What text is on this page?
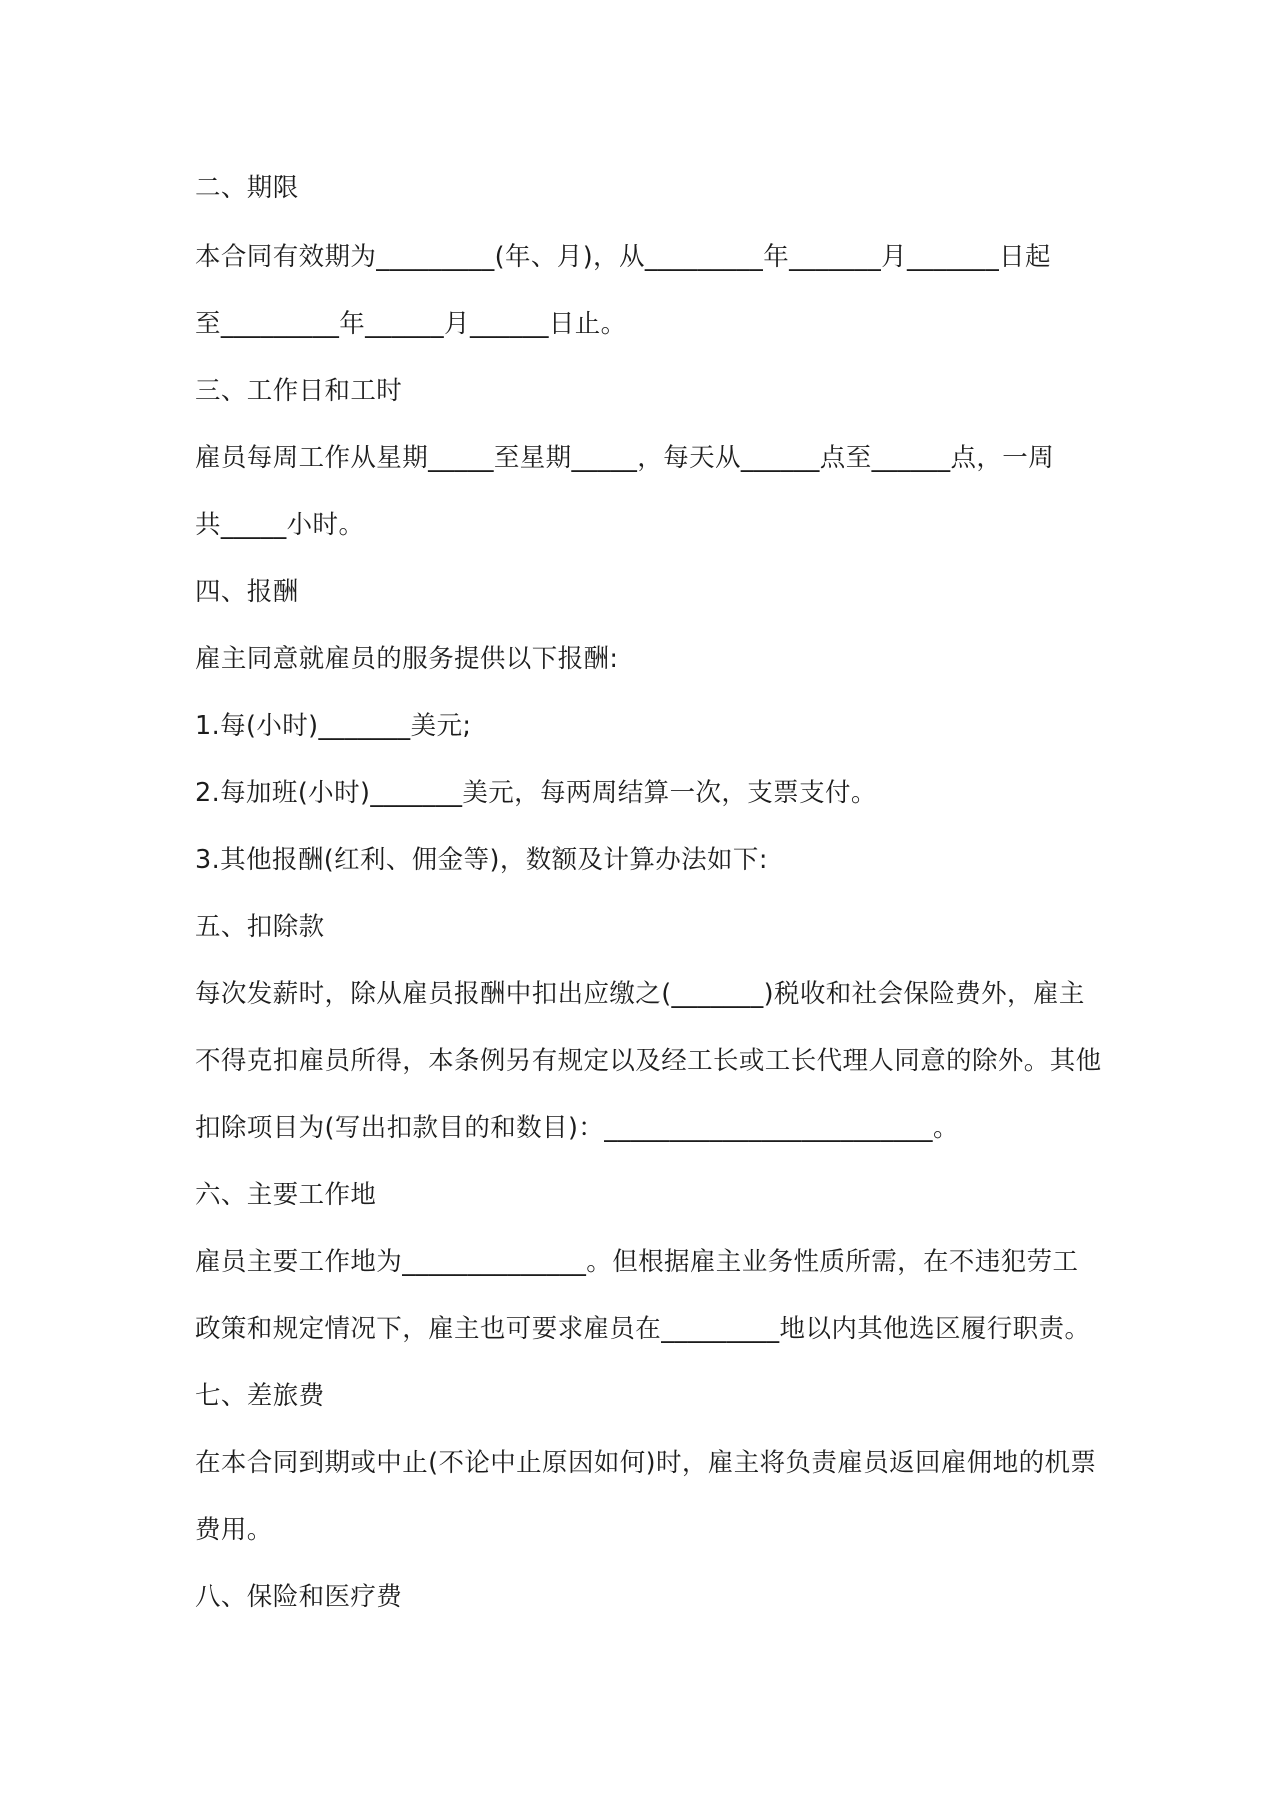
二、期限
本合同有效期为_________(年、月)，从_________年_______月_______日起
至_________年______月______日止。
三、工作日和工时
雇员每周工作从星期_____至星期_____，每天从______点至______点，一周
共_____小时。
四、报酬
雇主同意就雇员的服务提供以下报酬:
1.每(小时)_______美元;
2.每加班(小时)_______美元，每两周结算一次，支票支付。
3.其他报酬(红利、佣金等)，数额及计算办法如下:
五、扣除款
每次发薪时，除从雇员报酬中扣出应缴之(_______)税收和社会保险费外，雇主
不得克扣雇员所得，本条例另有规定以及经工长或工长代理人同意的除外。其他
扣除项目为(写出扣款目的和数目)：_________________________。
六、主要工作地
雇员主要工作地为______________。但根据雇主业务性质所需，在不违犯劳工
政策和规定情况下，雇主也可要求雇员在_________地以内其他选区履行职责。
七、差旅费
在本合同到期或中止(不论中止原因如何)时，雇主将负责雇员返回雇佣地的机票
费用。
八、保险和医疗费
